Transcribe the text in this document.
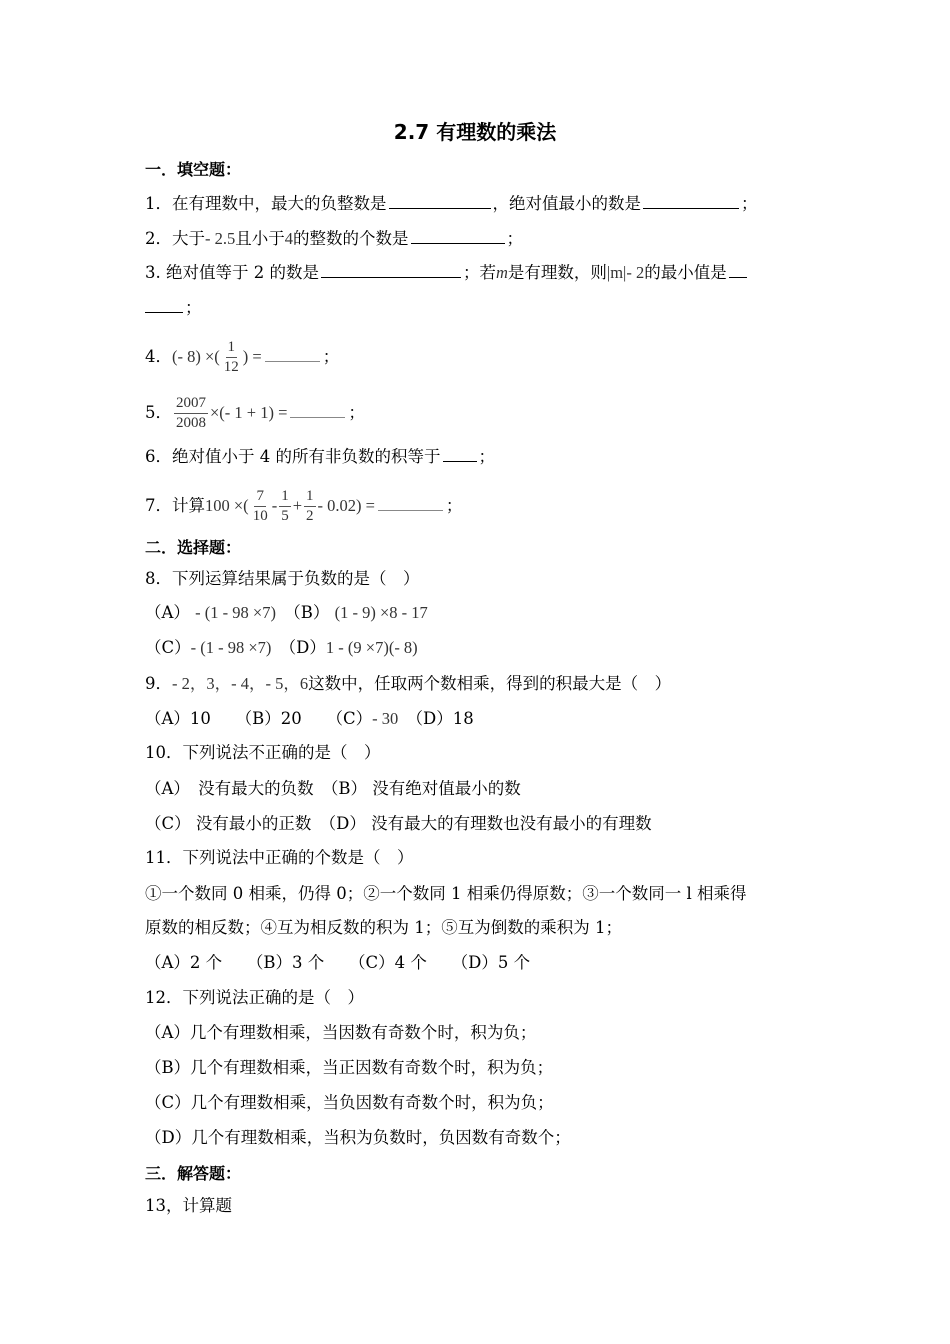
2.7 有理数的乘法
一．填空题：
1．在有理数中，最大的负整数是	，绝对值最小的数是	；
2．大于- 2.5且小于4的整数的个数是	；
3. 绝对值等于 2 的数是	；若m是有理数，则|m|- 2的最小值是
；
4．(- 8) ×( $\frac{1}{12}$ ) =	；
5． $\frac{2007}{2008}$ ×(- 1 + 1) =	；
6．绝对值小于 4 的所有非负数的积等于 ；
7．计算100 ×( $\frac{7}{10} - \frac{1}{5} + \frac{1}{2} - 0.02$) =	；
二．选择题：
8．下列运算结果属于负数的是（　）
（A） - (1 - 98 ×7)　 （B） (1 - 9) ×8 - 17
（C）- (1 - 98 ×7)　 （D）1 - (9 ×7)(- 8)
9．- 2，3，- 4，- 5，6这数中，任取两个数相乘，得到的积最大是（　）
（A）10　　 （B）20　　 （C）- 30　 （D）18
10．下列说法不正确的是（　）
（A）　没有最大的负数　（B） 没有绝对值最小的数
（C） 没有最小的正数　（D） 没有最大的有理数也没有最小的有理数
11．下列说法中正确的个数是（　）
①一个数同 0 相乘，仍得 0；②一个数同 1 相乘仍得原数；③一个数同一 l 相乘得
原数的相反数；④互为相反数的积为 1；⑤互为倒数的乘积为 1；
（A）2 个　　（B）3 个　　（C）4 个　　（D）5 个
12．下列说法正确的是（　）
（A）几个有理数相乘，当因数有奇数个时，积为负；
（B）几个有理数相乘，当正因数有奇数个时，积为负；
（C）几个有理数相乘，当负因数有奇数个时，积为负；
（D）几个有理数相乘，当积为负数时，负因数有奇数个；
三．解答题：
13，计算题
